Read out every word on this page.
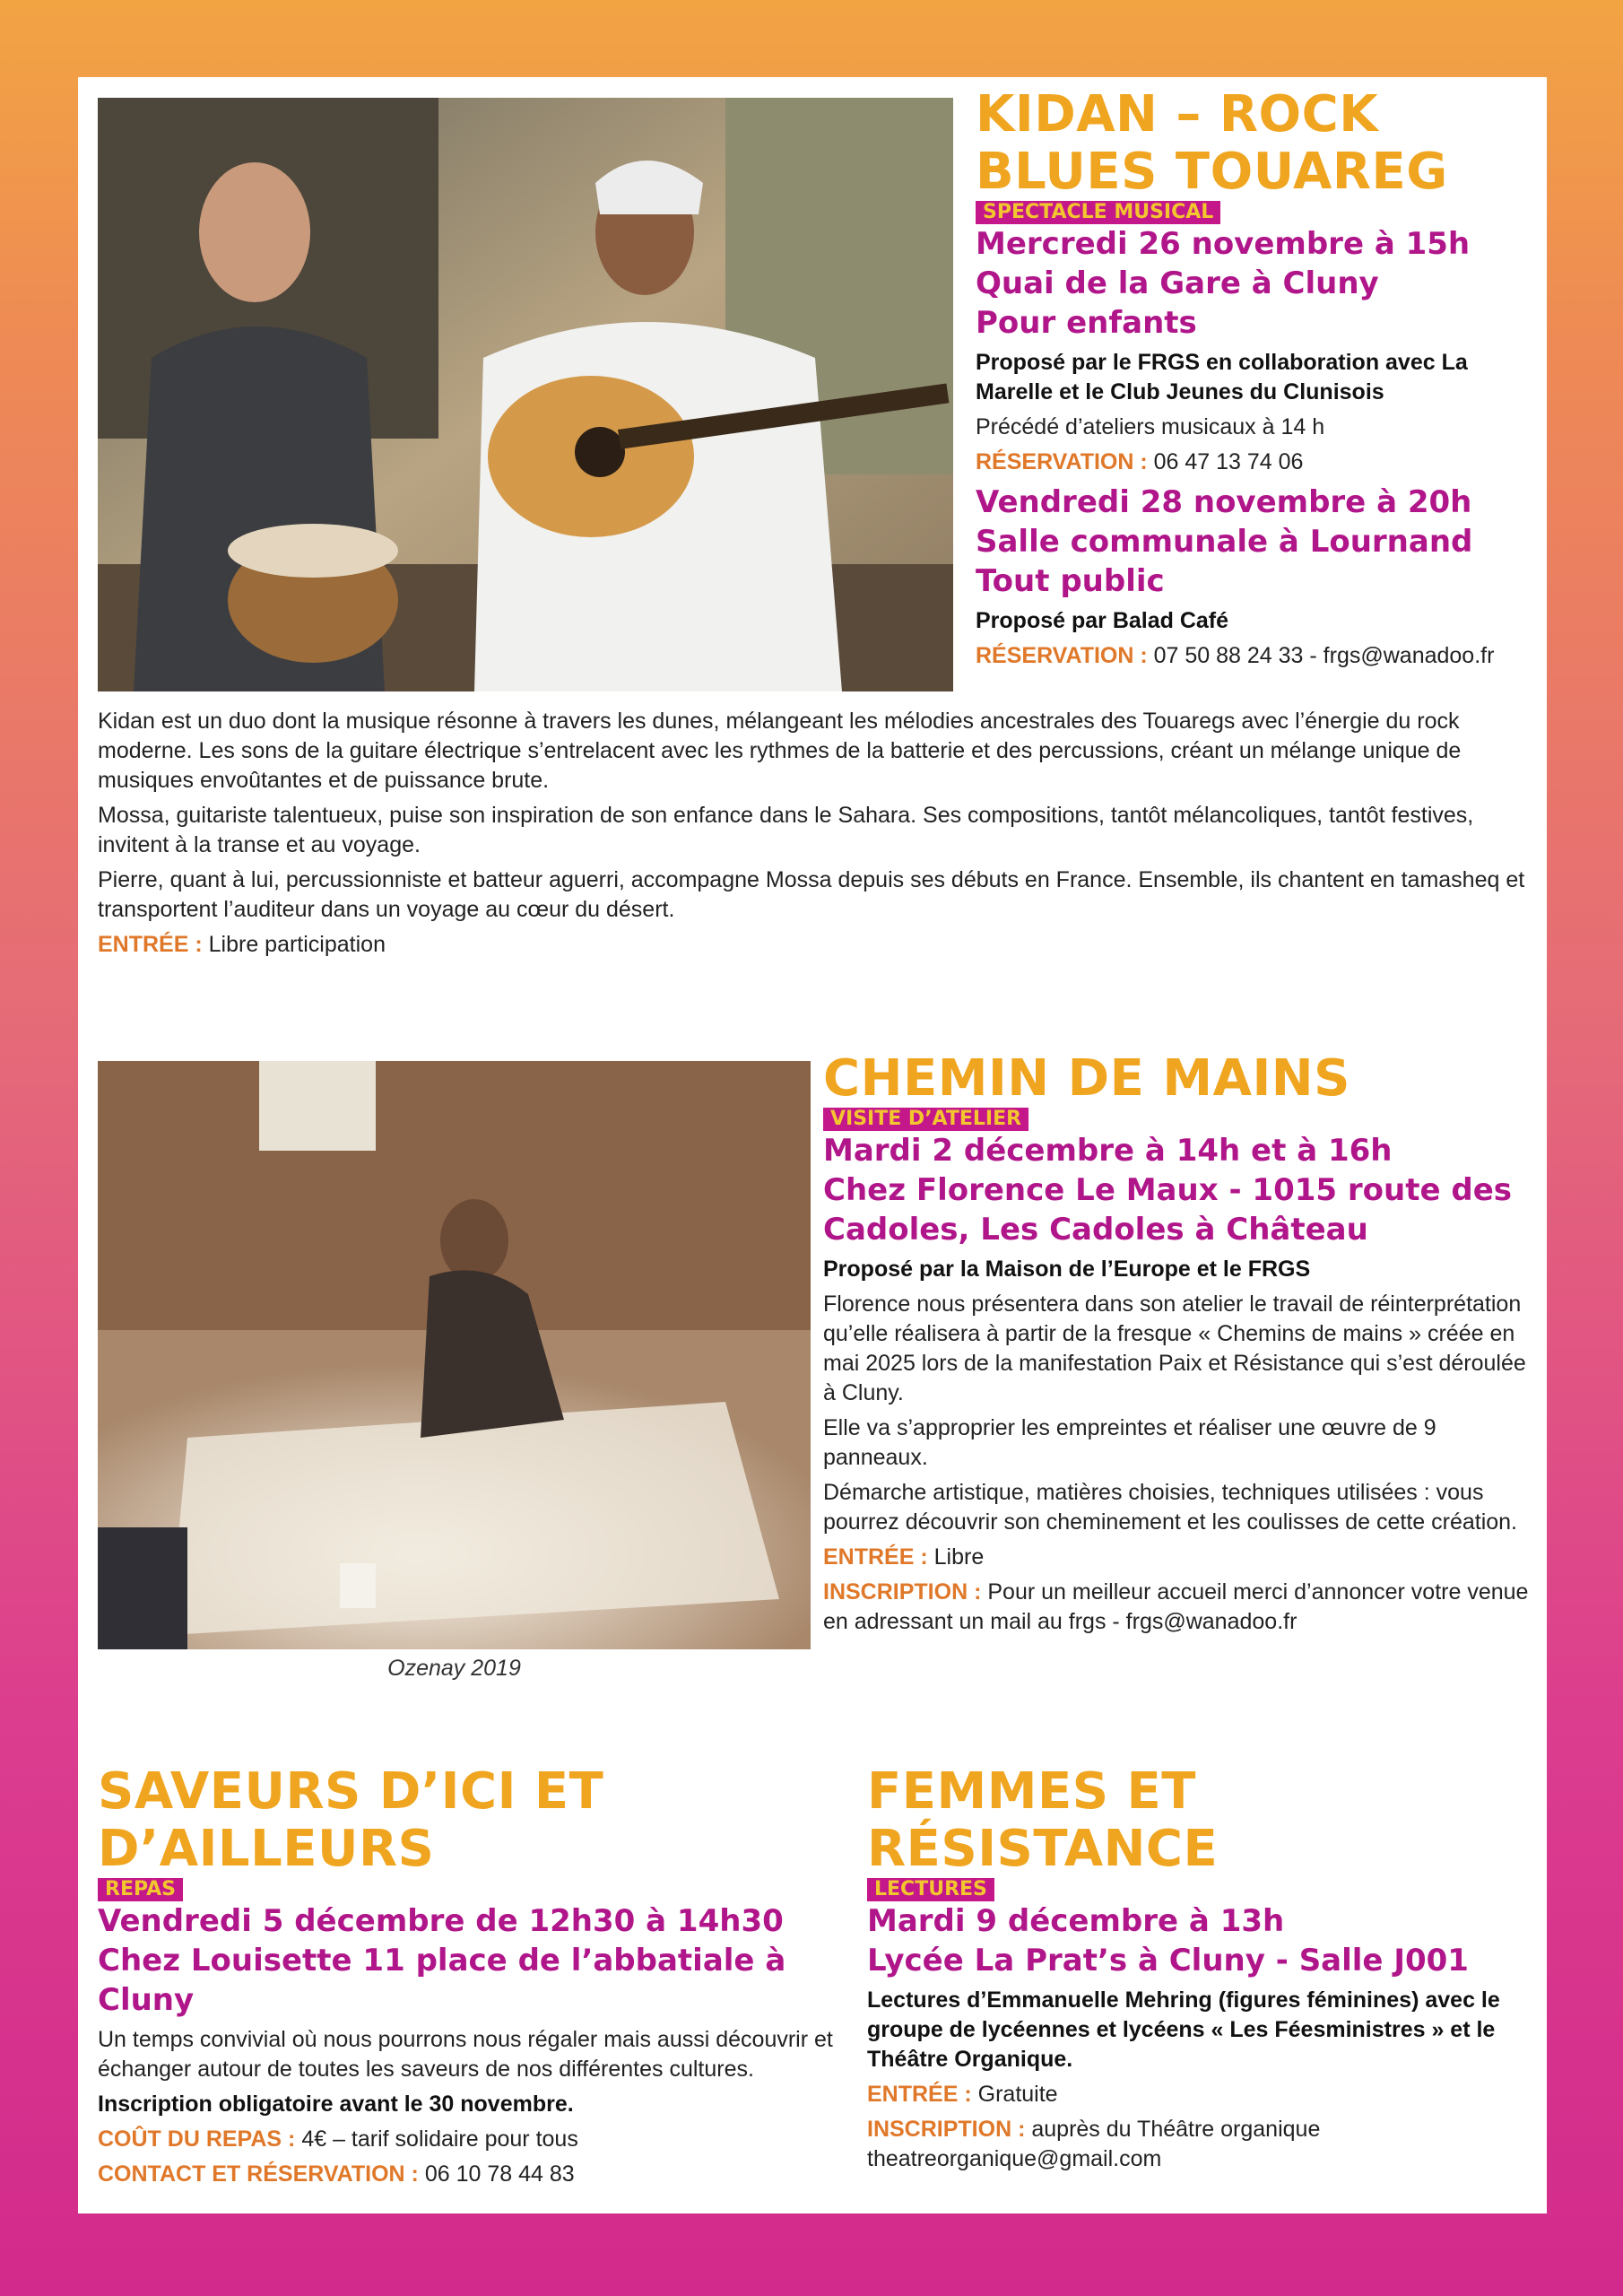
KIDAN – ROCK
BLUES TOUAREG
SPECTACLE MUSICAL

Mercredi 26 novembre à 15h

Quai de la Gare à Cluny

Pour enfants

Proposé par le FRGS en collaboration avec La Marelle et le Club Jeunes du Clunisois

Précédé d’ateliers musicaux à 14 h

RÉSERVATION : 06 47 13 74 06

Vendredi 28 novembre à 20h

Salle communale à Lournand

Tout public

Proposé par Balad Café

RÉSERVATION : 07 50 88 24 33 - frgs@wanadoo.fr

Kidan est un duo dont la musique résonne à travers les dunes, mélangeant les mélodies ancestrales des Touaregs avec l’énergie du rock moderne. Les sons de la guitare électrique s’entrelacent avec les rythmes de la batterie et des percussions, créant un mélange unique de musiques envoûtantes et de puissance brute.

Mossa, guitariste talentueux, puise son inspiration de son enfance dans le Sahara. Ses compositions, tantôt mélancoliques, tantôt festives, invitent à la transe et au voyage.

Pierre, quant à lui, percussionniste et batteur aguerri, accompagne Mossa depuis ses débuts en France. Ensemble, ils chantent en tamasheq et transportent l’auditeur dans un voyage au cœur du désert.

ENTRÉE : Libre participation

Ozenay 2019
CHEMIN DE MAINS
VISITE D’ATELIER

Mardi 2 décembre à 14h et à 16h

Chez Florence Le Maux - 1015 route des Cadoles, Les Cadoles à Château

Proposé par la Maison de l’Europe et le FRGS

Florence nous présentera dans son atelier le travail de réinterprétation qu’elle réalisera à partir de la fresque « Chemins de mains » créée en mai 2025 lors de la manifestation Paix et Résistance qui s’est déroulée à Cluny.

Elle va s’approprier les empreintes et réaliser une œuvre de 9 panneaux.

Démarche artistique, matières choisies, techniques utilisées : vous pourrez découvrir son cheminement et les coulisses de cette création.

ENTRÉE : Libre

INSCRIPTION : Pour un meilleur accueil merci d’annoncer votre venue en adressant un mail au frgs - frgs@wanadoo.fr

SAVEURS D’ICI ET
D’AILLEURS
REPAS

Vendredi 5 décembre de 12h30 à 14h30

Chez Louisette 11 place de l’abbatiale à Cluny

Un temps convivial où nous pourrons nous régaler mais aussi découvrir et échanger autour de toutes les saveurs de nos différentes cultures.

Inscription obligatoire avant le 30 novembre.

COÛT DU REPAS : 4€ – tarif solidaire pour tous

CONTACT ET RÉSERVATION : 06 10 78 44 83

FEMMES ET
RÉSISTANCE
LECTURES

Mardi 9 décembre à 13h

Lycée La Prat’s à Cluny - Salle J001

Lectures d’Emmanuelle Mehring (figures féminines) avec le groupe de lycéennes et lycéens « Les Féesministres » et le Théâtre Organique.

ENTRÉE : Gratuite

INSCRIPTION : auprès du Théâtre organique theatreorganique@gmail.com
